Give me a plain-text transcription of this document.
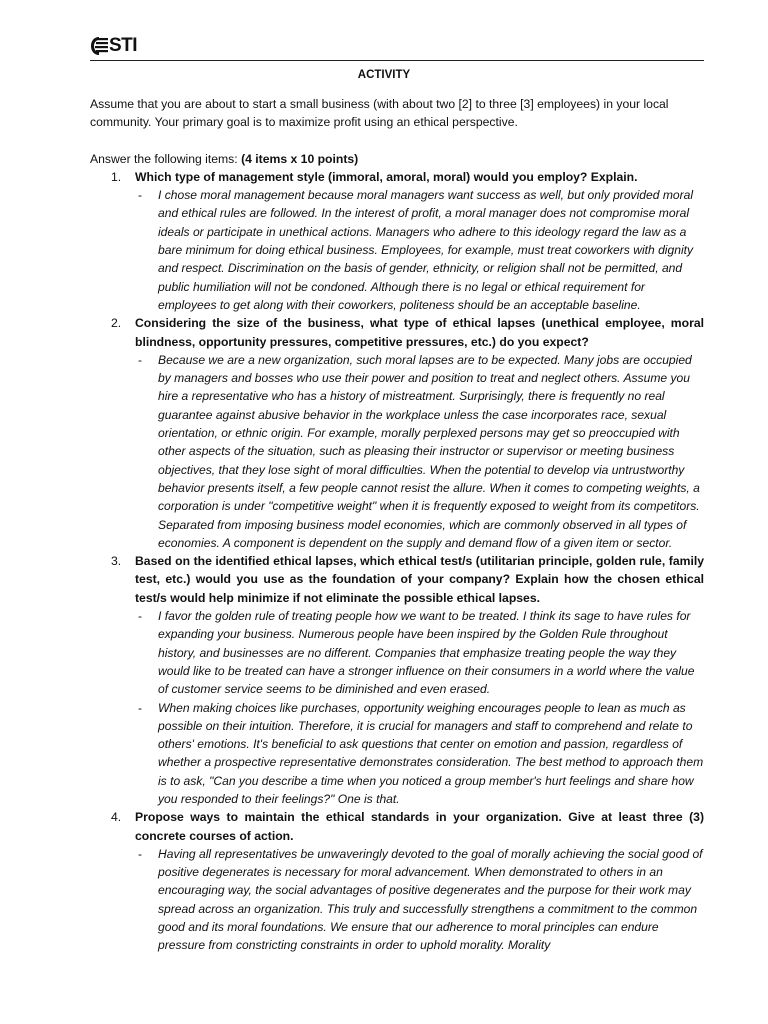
STI
ACTIVITY

Assume that you are about to start a small business (with about two [2] to three [3] employees) in your local community. Your primary goal is to maximize profit using an ethical perspective.

Answer the following items: (4 items x 10 points)

1. Which type of management style (immoral, amoral, moral) would you employ? Explain.
- I chose moral management because moral managers want success as well, but only provided moral and ethical rules are followed. In the interest of profit, a moral manager does not compromise moral ideals or participate in unethical actions. Managers who adhere to this ideology regard the law as a bare minimum for doing ethical business. Employees, for example, must treat coworkers with dignity and respect. Discrimination on the basis of gender, ethnicity, or religion shall not be permitted, and public humiliation will not be condoned. Although there is no legal or ethical requirement for employees to get along with their coworkers, politeness should be an acceptable baseline.
2. Considering the size of the business, what type of ethical lapses (unethical employee, moral blindness, opportunity pressures, competitive pressures, etc.) do you expect?
- Because we are a new organization, such moral lapses are to be expected. Many jobs are occupied by managers and bosses who use their power and position to treat and neglect others. Assume you hire a representative who has a history of mistreatment. Surprisingly, there is frequently no real guarantee against abusive behavior in the workplace unless the case incorporates race, sexual orientation, or ethnic origin. For example, morally perplexed persons may get so preoccupied with other aspects of the situation, such as pleasing their instructor or supervisor or meeting business objectives, that they lose sight of moral difficulties. When the potential to develop via untrustworthy behavior presents itself, a few people cannot resist the allure. When it comes to competing weights, a corporation is under "competitive weight" when it is frequently exposed to weight from its competitors. Separated from imposing business model economies, which are commonly observed in all types of economies. A component is dependent on the supply and demand flow of a given item or sector.
3. Based on the identified ethical lapses, which ethical test/s (utilitarian principle, golden rule, family test, etc.) would you use as the foundation of your company? Explain how the chosen ethical test/s would help minimize if not eliminate the possible ethical lapses.
- I favor the golden rule of treating people how we want to be treated. I think its sage to have rules for expanding your business. Numerous people have been inspired by the Golden Rule throughout history, and businesses are no different. Companies that emphasize treating people the way they would like to be treated can have a stronger influence on their consumers in a world where the value of customer service seems to be diminished and even erased.
- When making choices like purchases, opportunity weighing encourages people to lean as much as possible on their intuition. Therefore, it is crucial for managers and staff to comprehend and relate to others' emotions. It's beneficial to ask questions that center on emotion and passion, regardless of whether a prospective representative demonstrates consideration. The best method to approach them is to ask, "Can you describe a time when you noticed a group member's hurt feelings and share how you responded to their feelings?" One is that.
4. Propose ways to maintain the ethical standards in your organization. Give at least three (3) concrete courses of action.
- Having all representatives be unwaveringly devoted to the goal of morally achieving the social good of positive degenerates is necessary for moral advancement. When demonstrated to others in an encouraging way, the social advantages of positive degenerates and the purpose for their work may spread across an organization. This truly and successfully strengthens a commitment to the common good and its moral foundations. We ensure that our adherence to moral principles can endure pressure from constricting constraints in order to uphold morality. Morality
